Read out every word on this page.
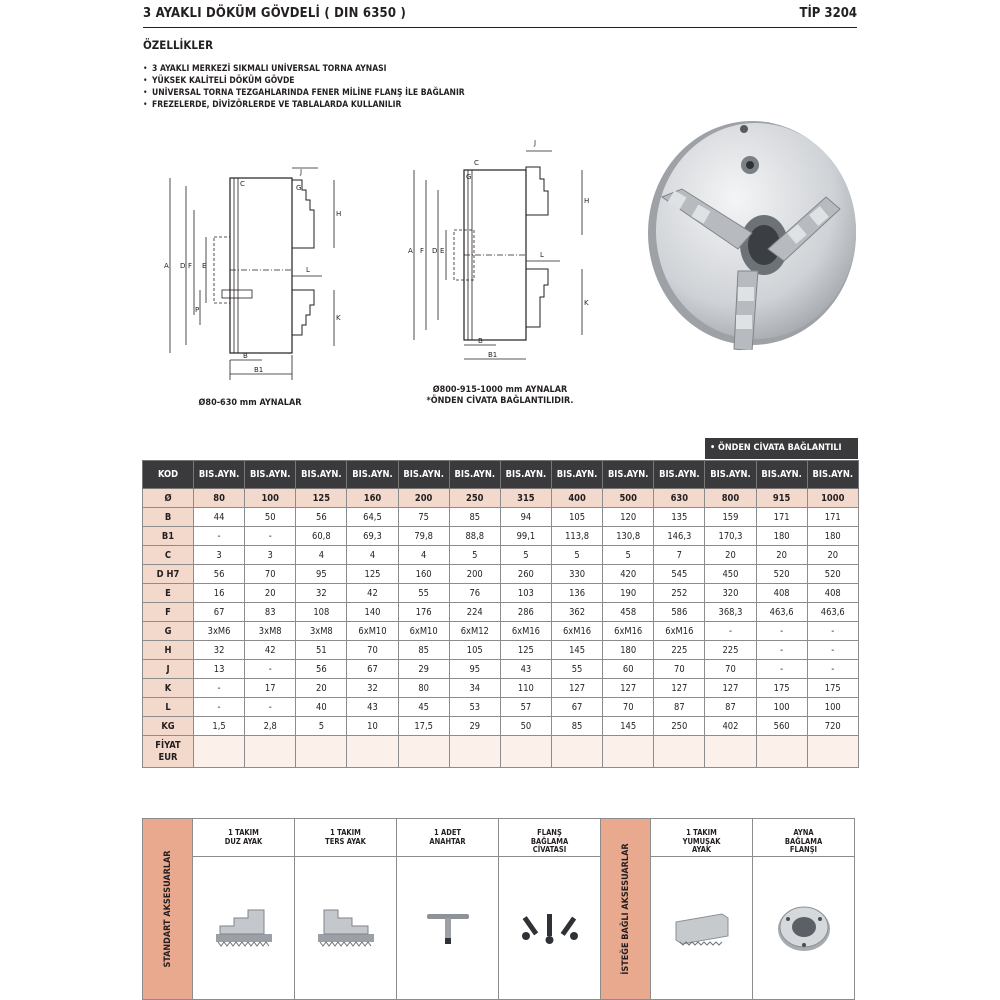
3 AYAKLI DÖKÜM GÖVDELİ ( DIN 6350 )	TİP 3204
ÖZELLİKLER
• 3 AYAKLI MERKEZİ SIKMALI UNİVERSAL TORNA AYNASI
• YÜKSEK KALİTELİ DÖKÜM GÖVDE
• UNİVERSAL TORNA TEZGAHLARINDA FENER MİLİNE FLANŞ İLE BAĞLANIR
• FREZELERDE, DİVİZÖRLERDE VE TABLALARDA KULLANILIR
A D F E
P
C
J
H
K
L
G
B
B1
Ø80-630 mm AYNALAR
A F D E
C
G
J
H
K
L
B
B1
Ø800-915-1000 mm AYNALAR
*ÖNDEN CİVATA BAĞLANTILIDIR.
• ÖNDEN CİVATA BAĞLANTILI
KOD	BIS.AYN.	BIS.AYN.	BIS.AYN.	BIS.AYN.	BIS.AYN.	BIS.AYN.	BIS.AYN.	BIS.AYN.	BIS.AYN.	BIS.AYN.	BIS.AYN.	BIS.AYN.	BIS.AYN.
Ø	80	100	125	160	200	250	315	400	500	630	800	915	1000
B	44	50	56	64,5	75	85	94	105	120	135	159	171	171
B1	-	-	60,8	69,3	79,8	88,8	99,1	113,8	130,8	146,3	170,3	180	180
C	3	3	4	4	4	5	5	5	5	7	20	20	20
D H7	56	70	95	125	160	200	260	330	420	545	450	520	520
E	16	20	32	42	55	76	103	136	190	252	320	408	408
F	67	83	108	140	176	224	286	362	458	586	368,3	463,6	463,6
G	3xM6	3xM8	3xM8	6xM10	6xM10	6xM12	6xM16	6xM16	6xM16	6xM16	-	-	-
H	32	42	51	70	85	105	125	145	180	225	225	-	-
J	13	-	56	67	29	95	43	55	60	70	70	-	-
K	-	17	20	32	80	34	110	127	127	127	127	175	175
L	-	-	40	43	45	53	57	67	70	87	87	100	100
KG	1,5	2,8	5	10	17,5	29	50	85	145	250	402	560	720

FİYAT
EUR													

STANDART AKSESUARLAR
1 TAKIM
DUZ AYAK
1 TAKIM
TERS AYAK
1 ADET
ANAHTAR
FLANŞ
BAĞLAMA
CİVATASI	İSTEĞE BAĞLI AKSESUARLAR
1 TAKIM
YUMUŞAK
AYAK
AYNA
BAĞLAMA
FLANŞI
